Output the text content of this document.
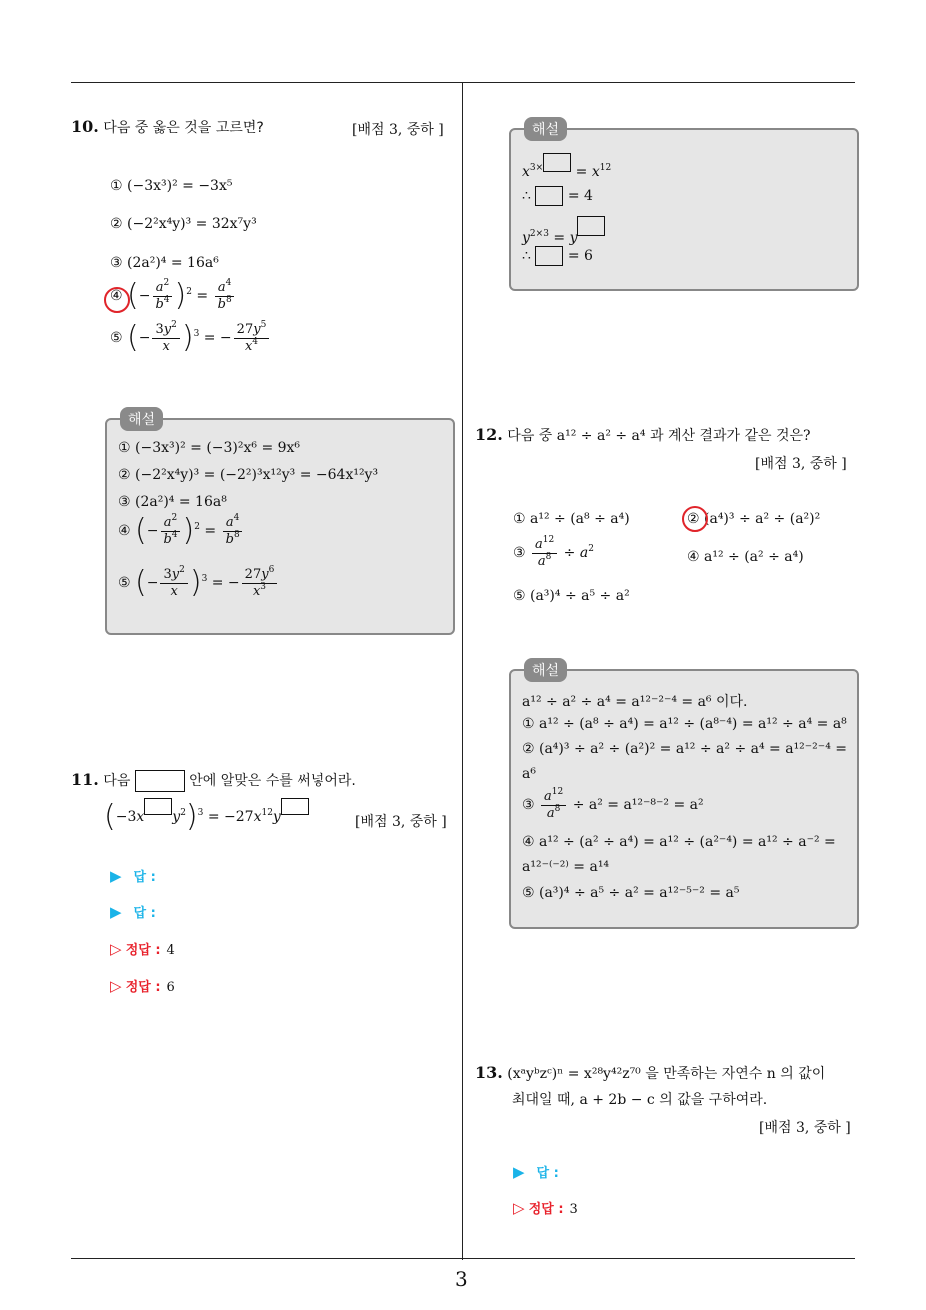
10. 다음 중 옳은 것을 고르면?	[배점 3, 중하 ]
① (−3x³)² = −3x⁵
② (−2²x⁴y)³ = 32x⁷y³
③ (2a²)⁴ = 16a⁶
④ (− $\frac{a^2}{b^4} )^2 = \frac{a^4}{b^8}$
⑤ (− $\frac{3y^2}{x} )^3$ = − $\frac{27y^5}{x^4}$
해설
① (−3x³)² = (−3)²x⁶ = 9x⁶
② (−2²x⁴y)³ = (−2²)³x¹²y³ = −64x¹²y³
③ (2a²)⁴ = 16a⁸
④ (− $\frac{a^2}{b^4} )^2 = \frac{a^4}{b^8}$
⑤ (− $\frac{3y^2}{x} )^3$ = − $\frac{27y^6}{x^3}$
11. 다음	안에 알맞은 수를 써넣어라.
(−3x $y^2)^3 = -27x^{12}y$	[배점 3, 중하 ]
▶ 답 :
▶ 답 :
▷ 정답 : 4
▷ 정답 : 6
해설
$x^{3\times} = x^{12}$
∴	= 4
$y^{2\times 3} = y$
∴	= 6
12. 다음 중 a¹² ÷ a² ÷ a⁴ 과 계산 결과가 같은 것은?
[배점 3, 중하 ]
① a¹² ÷ (a⁸ ÷ a⁴)	② (a⁴)³ ÷ a² ÷ (a²)²
③ $\frac{a^{12}}{a^8} \div a^2$	④ a¹² ÷ (a² ÷ a⁴)
⑤ (a³)⁴ ÷ a⁵ ÷ a²
해설
a¹² ÷ a² ÷ a⁴ = a¹²⁻²⁻⁴ = a⁶ 이다.
① a¹² ÷ (a⁸ ÷ a⁴) = a¹² ÷ (a⁸⁻⁴) = a¹² ÷ a⁴ = a⁸
② (a⁴)³ ÷ a² ÷ (a²)² = a¹² ÷ a² ÷ a⁴ = a¹²⁻²⁻⁴ =
a⁶
③ $\frac{a^{12}}{a^8} \div a^2 = a^{12-8-2} = a^2$
④ a¹² ÷ (a² ÷ a⁴) = a¹² ÷ (a²⁻⁴) = a¹² ÷ a⁻² =
a¹²⁻⁽⁻²⁾ = a¹⁴
⑤ (a³)⁴ ÷ a⁵ ÷ a² = a¹²⁻⁵⁻² = a⁵
13. (xᵃyᵇzᶜ)ⁿ = x²⁸y⁴²z⁷⁰ 을 만족하는 자연수 n 의 값이
최대일 때, a + 2b − c 의 값을 구하여라.
[배점 3, 중하 ]
▶ 답 :
▷ 정답 : 3
3
